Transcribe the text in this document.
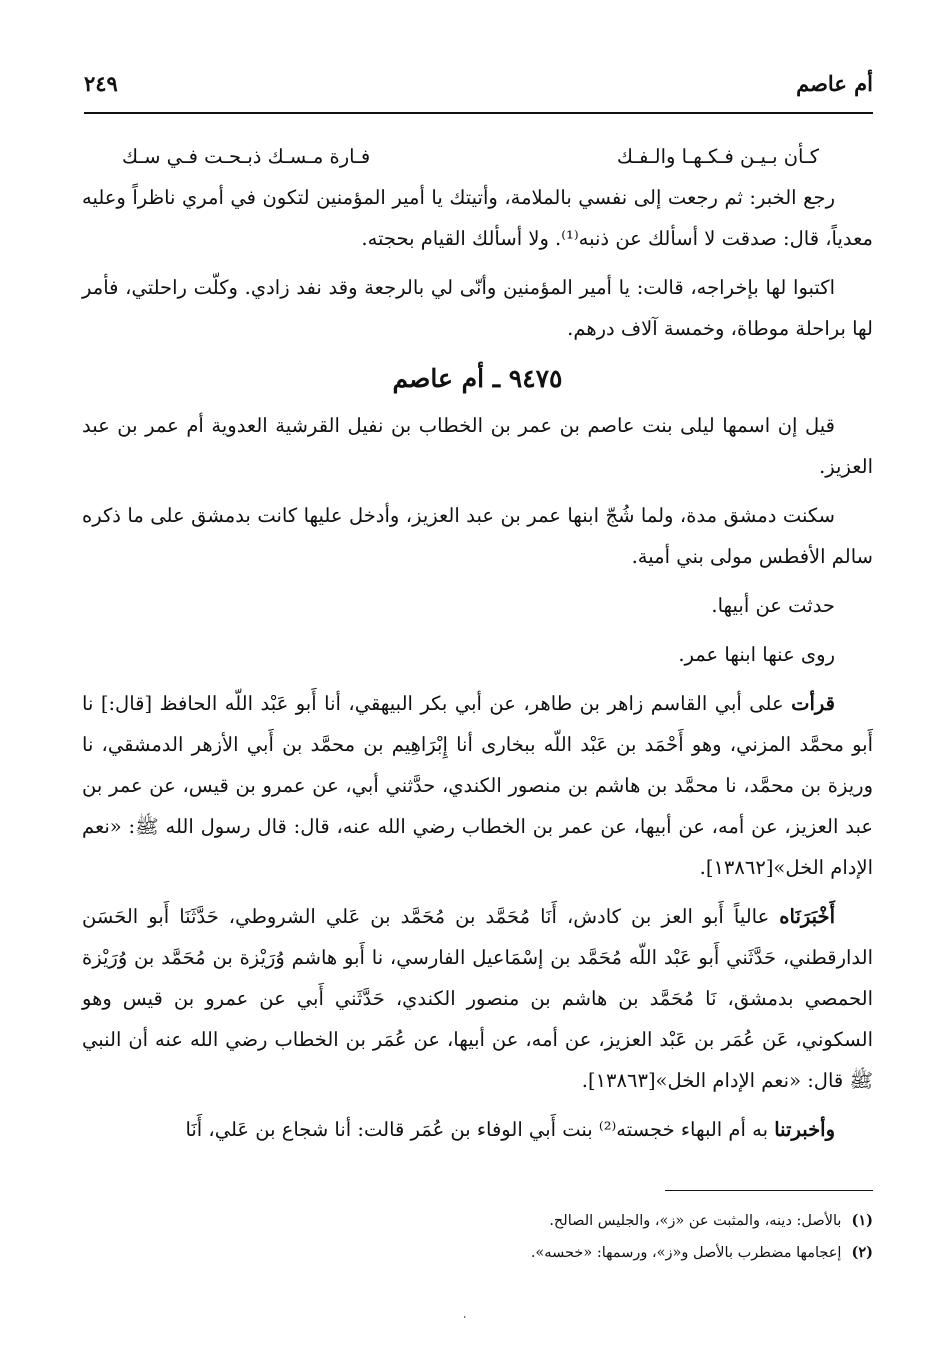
أم عاصم
٢٤٩
كـأن بـيـن فـكـهـا والـفـك
فـارة مـسـك ذبـحـت فـي سـك

رجع الخبر: ثم رجعت إلى نفسي بالملامة، وأتيتك يا أمير المؤمنين لتكون في أمري ناظراً وعليه معدياً، قال: صدقت لا أسألك عن ذنبه⁽¹⁾. ولا أسألك القيام بحجته.

اكتبوا لها بإخراجه، قالت: يا أمير المؤمنين وأنّى لي بالرجعة وقد نفد زادي. وكلّت راحلتي، فأمر لها براحلة موطاة، وخمسة آلاف درهم.

٩٤٧٥ ـ أم عاصم

قيل إن اسمها ليلى بنت عاصم بن عمر بن الخطاب بن نفيل القرشية العدوية أم عمر بن عبد العزيز.

سكنت دمشق مدة، ولما شُجّ ابنها عمر بن عبد العزيز، وأدخل عليها كانت بدمشق على ما ذكره سالم الأفطس مولى بني أمية.

حدثت عن أبيها.

روى عنها ابنها عمر.

قرأت على أبي القاسم زاهر بن طاهر، عن أبي بكر البيهقي، أنا أَبو عَبْد اللّه الحافظ [قال:] نا أَبو محمَّد المزني، وهو أَحْمَد بن عَبْد اللّه ببخارى أنا إِبْرَاهِيم بن محمَّد بن أَبي الأزهر الدمشقي، نا وريزة بن محمَّد، نا محمَّد بن هاشم بن منصور الكندي، حدَّثني أبي، عن عمرو بن قيس، عن عمر بن عبد العزيز، عن أمه، عن أبيها، عن عمر بن الخطاب رضي الله عنه، قال: قال رسول الله ﷺ: «نعم الإدام الخل»[١٣٨٦٢].

أَخْبَرَنَاه عالياً أَبو العز بن كادش، أَنَا مُحَمَّد بن مُحَمَّد بن عَلي الشروطي، حَدَّثَنَا أَبو الحَسَن الدارقطني، حَدَّثَني أَبو عَبْد اللّه مُحَمَّد بن إسْمَاعيل الفارسي، نا أَبو هاشم وُرَيْزة بن مُحَمَّد بن وُرَيْزة الحمصي بدمشق، نَا مُحَمَّد بن هاشم بن منصور الكندي، حَدَّثَني أَبي عن عمرو بن قيس وهو السكوني، عَن عُمَر بن عَبْد العزيز، عن أمه، عن أبيها، عن عُمَر بن الخطاب رضي الله عنه أن النبي ﷺ قال: «نعم الإدام الخل»[١٣٨٦٣].

وأخبرتنا به أم البهاء خجسته⁽²⁾ بنت أَبي الوفاء بن عُمَر قالت: أنا شجاع بن عَلي، أَنَا

(١)
بالأصل: دينه، والمثبت عن «ز»، والجليس الصالح.
(٢)
إعجامها مضطرب بالأصل و«ز»، ورسمها: «خحسه».
،
